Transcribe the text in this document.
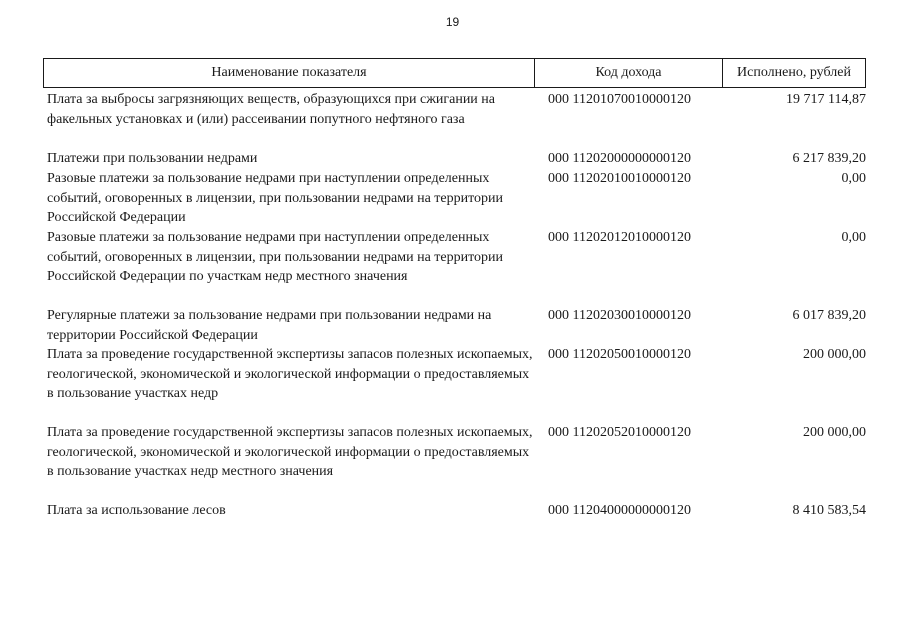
19
Наименование показателя	Код дохода	Исполнено, рублей
Плата за выбросы загрязняющих веществ, образующихся при сжигании на факельных установках и (или) рассеивании попутного нефтяного газа
000 11201070010000120	19 717 114,87
Платежи при пользовании недрами	000 11202000000000120	6 217 839,20
Разовые платежи за пользование недрами при наступлении определенных событий, оговоренных в лицензии, при пользовании недрами на территории Российской Федерации
000 11202010010000120	0,00
Разовые платежи за пользование недрами при наступлении определенных событий, оговоренных в лицензии, при пользовании недрами на территории Российской Федерации по участкам недр местного значения
000 11202012010000120	0,00
Регулярные платежи за пользование недрами при пользовании недрами на территории Российской Федерации
000 11202030010000120	6 017 839,20
Плата за проведение государственной экспертизы запасов полезных ископаемых, геологической, экономической и экологической информации о предоставляемых в пользование участках недр
000 11202050010000120	200 000,00
Плата за проведение государственной экспертизы запасов полезных ископаемых, геологической, экономической и экологической информации о предоставляемых в пользование участках недр местного значения
000 11202052010000120	200 000,00
Плата за использование лесов	000 11204000000000120	8 410 583,54
